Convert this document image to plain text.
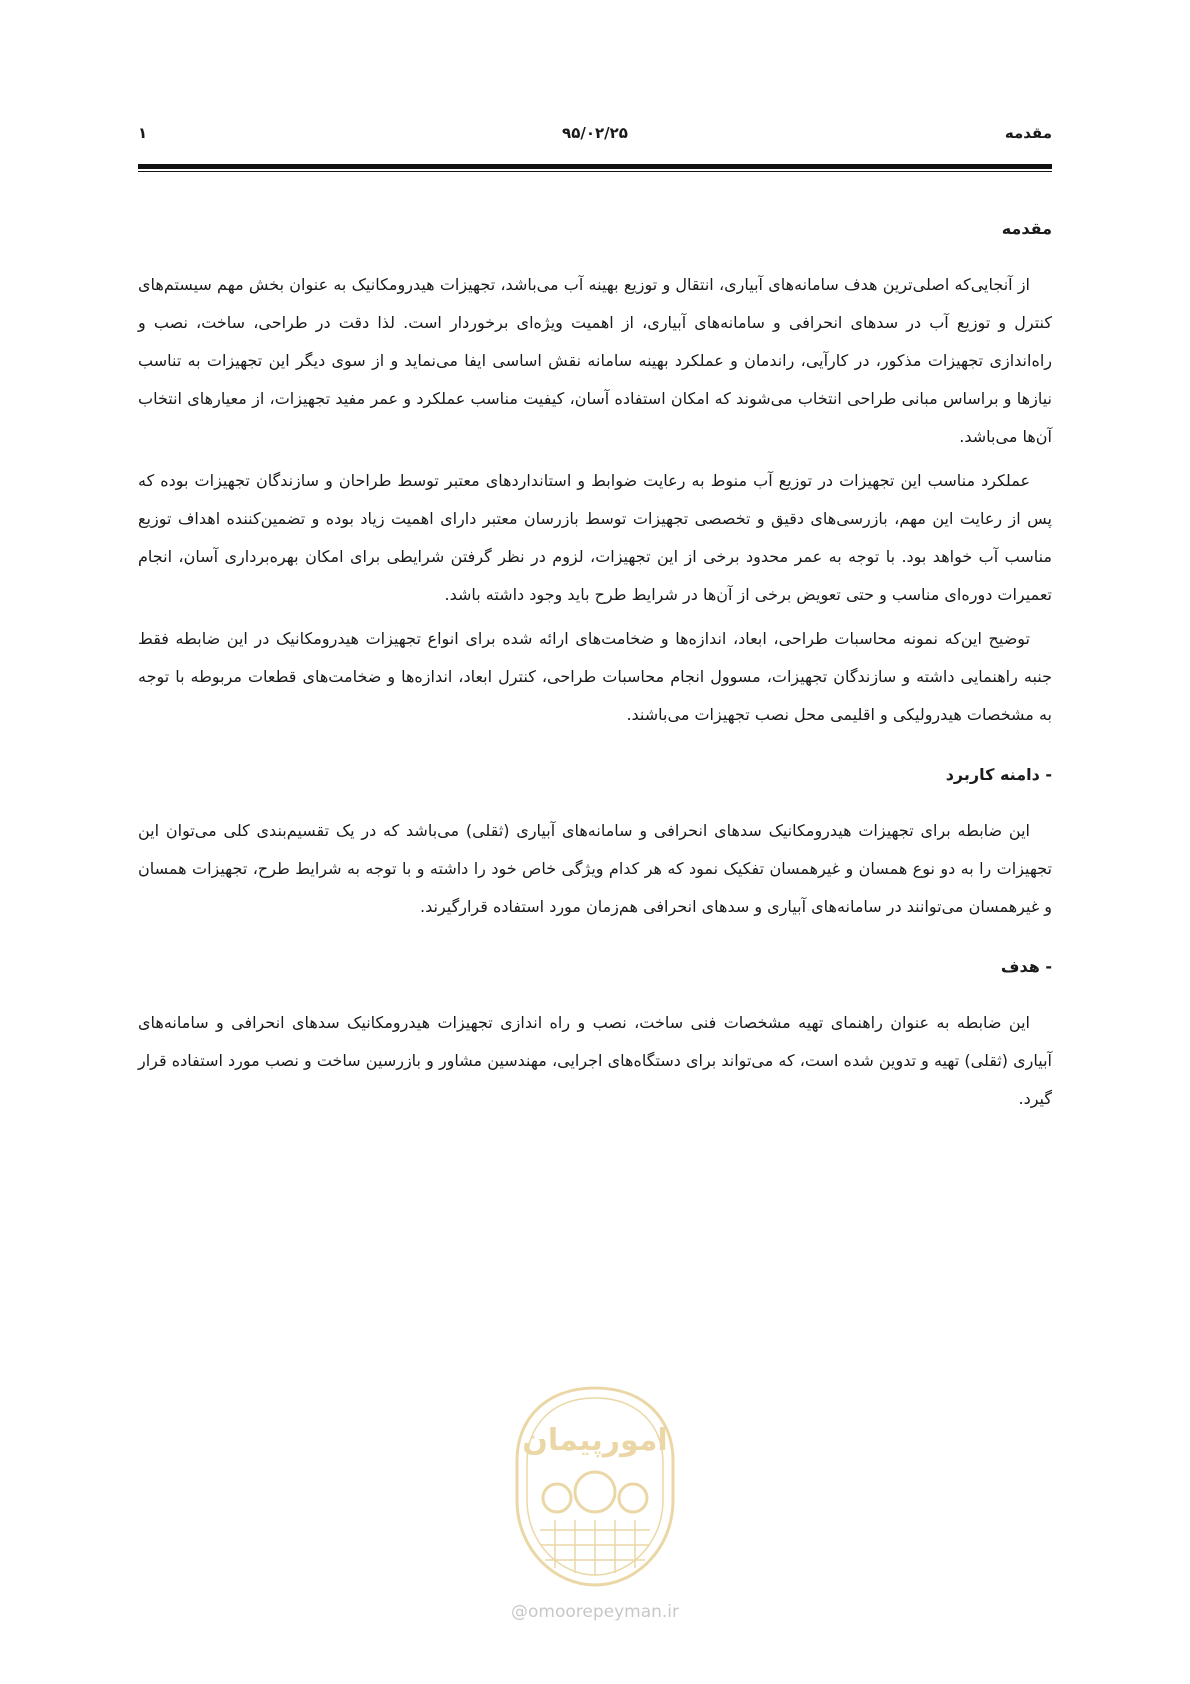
مقدمه
۹۵/۰۲/۲۵
۱
مقدمه

از آنجایی‌که اصلی‌ترین هدف سامانه‌های آبیاری، انتقال و توزیع بهینه آب می‌باشد، تجهیزات هیدرومکانیک به عنوان بخش مهم سیستم‌های کنترل و توزیع آب در سدهای انحرافی و سامانه‌های آبیاری، از اهمیت ویژه‌ای برخوردار است. لذا دقت در طراحی، ساخت، نصب و راه‌اندازی تجهیزات مذکور، در کارآیی، راندمان و عملکرد بهینه سامانه نقش اساسی ایفا می‌نماید و از سوی دیگر این تجهیزات به تناسب نیازها و براساس مبانی طراحی انتخاب می‌شوند که امکان استفاده آسان، کیفیت مناسب عملکرد و عمر مفید تجهیزات، از معیارهای انتخاب آن‌ها می‌باشد.

عملکرد مناسب این تجهیزات در توزیع آب منوط به رعایت ضوابط و استانداردهای معتبر توسط طراحان و سازندگان تجهیزات بوده که پس از رعایت این مهم، بازرسی‌های دقیق و تخصصی تجهیزات توسط بازرسان معتبر دارای اهمیت زیاد بوده و تضمین‌کننده اهداف توزیع مناسب آب خواهد بود. با توجه به عمر محدود برخی از این تجهیزات، لزوم در نظر گرفتن شرایطی برای امکان بهره‌برداری آسان، انجام تعمیرات دوره‌ای مناسب و حتی تعویض برخی از آن‌ها در شرایط طرح باید وجود داشته باشد.

توضیح این‌که نمونه محاسبات طراحی، ابعاد، اندازه‌ها و ضخامت‌های ارائه شده برای انواع تجهیزات هیدرومکانیک در این ضابطه فقط جنبه راهنمایی داشته و سازندگان تجهیزات، مسوول انجام محاسبات طراحی، کنترل ابعاد، اندازه‌ها و ضخامت‌های قطعات مربوطه با توجه به مشخصات هیدرولیکی و اقلیمی محل نصب تجهیزات می‌باشند.

- دامنه کاربرد

این ضابطه برای تجهیزات هیدرومکانیک سدهای انحرافی و سامانه‌های آبیاری (ثقلی) می‌باشد که در یک تقسیم‌بندی کلی می‌توان این تجهیزات را به دو نوع همسان و غیرهمسان تفکیک نمود که هر کدام ویژگی خاص خود را داشته و با توجه به شرایط طرح، تجهیزات همسان و غیرهمسان می‌توانند در سامانه‌های آبیاری و سدهای انحرافی هم‌زمان مورد استفاده قرارگیرند.

- هدف

این ضابطه به عنوان راهنمای تهیه مشخصات فنی ساخت، نصب و راه اندازی تجهیزات هیدرومکانیک سدهای انحرافی و سامانه‌های آبیاری (ثقلی) تهیه و تدوین شده است، که می‌تواند برای دستگاه‌های اجرایی، مهندسین مشاور و بازرسین ساخت و نصب مورد استفاده قرار گیرد.

امورپیمان
@omoorepeyman.ir
